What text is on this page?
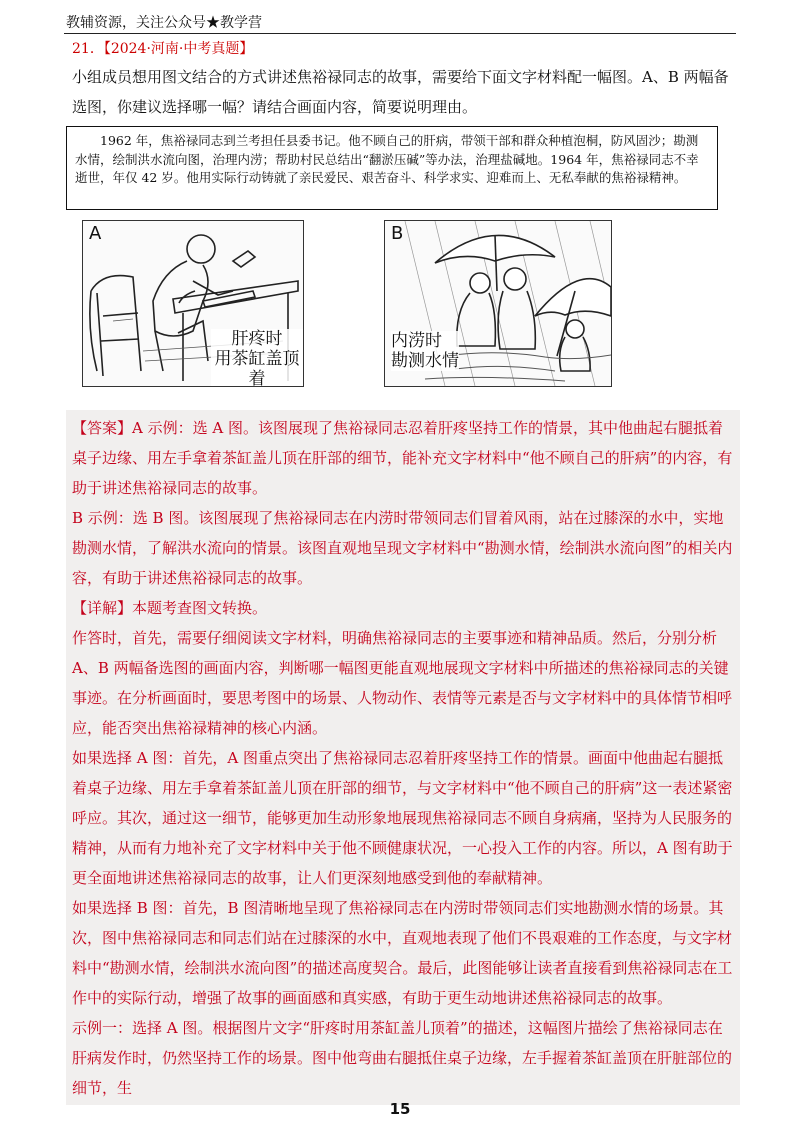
教辅资源，关注公众号★教学营
21．【2024·河南·中考真题】
小组成员想用图文结合的方式讲述焦裕禄同志的故事，需要给下面文字材料配一幅图。A、B 两幅备选图，你建议选择哪一幅？请结合画面内容，简要说明理由。
1962 年，焦裕禄同志到兰考担任县委书记。他不顾自己的肝病，带领干部和群众种植泡桐，防风固沙；勘测水情，绘制洪水流向图，治理内涝；帮助村民总结出“翻淤压碱”等办法，治理盐碱地。1964 年，焦裕禄同志不幸逝世，年仅 42 岁。他用实际行动铸就了亲民爱民、艰苦奋斗、科学求实、迎难而上、无私奉献的焦裕禄精神。
A
肝疼时
用茶缸盖顶着
B
内涝时
勘测水情

【答案】A 示例：选 A 图。该图展现了焦裕禄同志忍着肝疼坚持工作的情景，其中他曲起右腿抵着桌子边缘、用左手拿着茶缸盖儿顶在肝部的细节，能补充文字材料中“他不顾自己的肝病”的内容，有助于讲述焦裕禄同志的故事。

B 示例：选 B 图。该图展现了焦裕禄同志在内涝时带领同志们冒着风雨，站在过膝深的水中，实地勘测水情，了解洪水流向的情景。该图直观地呈现文字材料中“勘测水情，绘制洪水流向图”的相关内容，有助于讲述焦裕禄同志的故事。

【详解】本题考查图文转换。

作答时，首先，需要仔细阅读文字材料，明确焦裕禄同志的主要事迹和精神品质。然后，分别分析 A、B 两幅备选图的画面内容，判断哪一幅图更能直观地展现文字材料中所描述的焦裕禄同志的关键事迹。在分析画面时，要思考图中的场景、人物动作、表情等元素是否与文字材料中的具体情节相呼应，能否突出焦裕禄精神的核心内涵。

如果选择 A 图：首先，A 图重点突出了焦裕禄同志忍着肝疼坚持工作的情景。画面中他曲起右腿抵着桌子边缘、用左手拿着茶缸盖儿顶在肝部的细节，与文字材料中“他不顾自己的肝病”这一表述紧密呼应。其次，通过这一细节，能够更加生动形象地展现焦裕禄同志不顾自身病痛，坚持为人民服务的精神，从而有力地补充了文字材料中关于他不顾健康状况，一心投入工作的内容。所以，A 图有助于更全面地讲述焦裕禄同志的故事，让人们更深刻地感受到他的奉献精神。

如果选择 B 图：首先，B 图清晰地呈现了焦裕禄同志在内涝时带领同志们实地勘测水情的场景。其次，图中焦裕禄同志和同志们站在过膝深的水中，直观地表现了他们不畏艰难的工作态度，与文字材料中“勘测水情，绘制洪水流向图”的描述高度契合。最后，此图能够让读者直接看到焦裕禄同志在工作中的实际行动，增强了故事的画面感和真实感，有助于更生动地讲述焦裕禄同志的故事。

示例一：选择 A 图。根据图片文字“肝疼时用茶缸盖儿顶着”的描述，这幅图片描绘了焦裕禄同志在肝病发作时，仍然坚持工作的场景。图中他弯曲右腿抵住桌子边缘，左手握着茶缸盖顶在肝脏部位的细节，生

15
